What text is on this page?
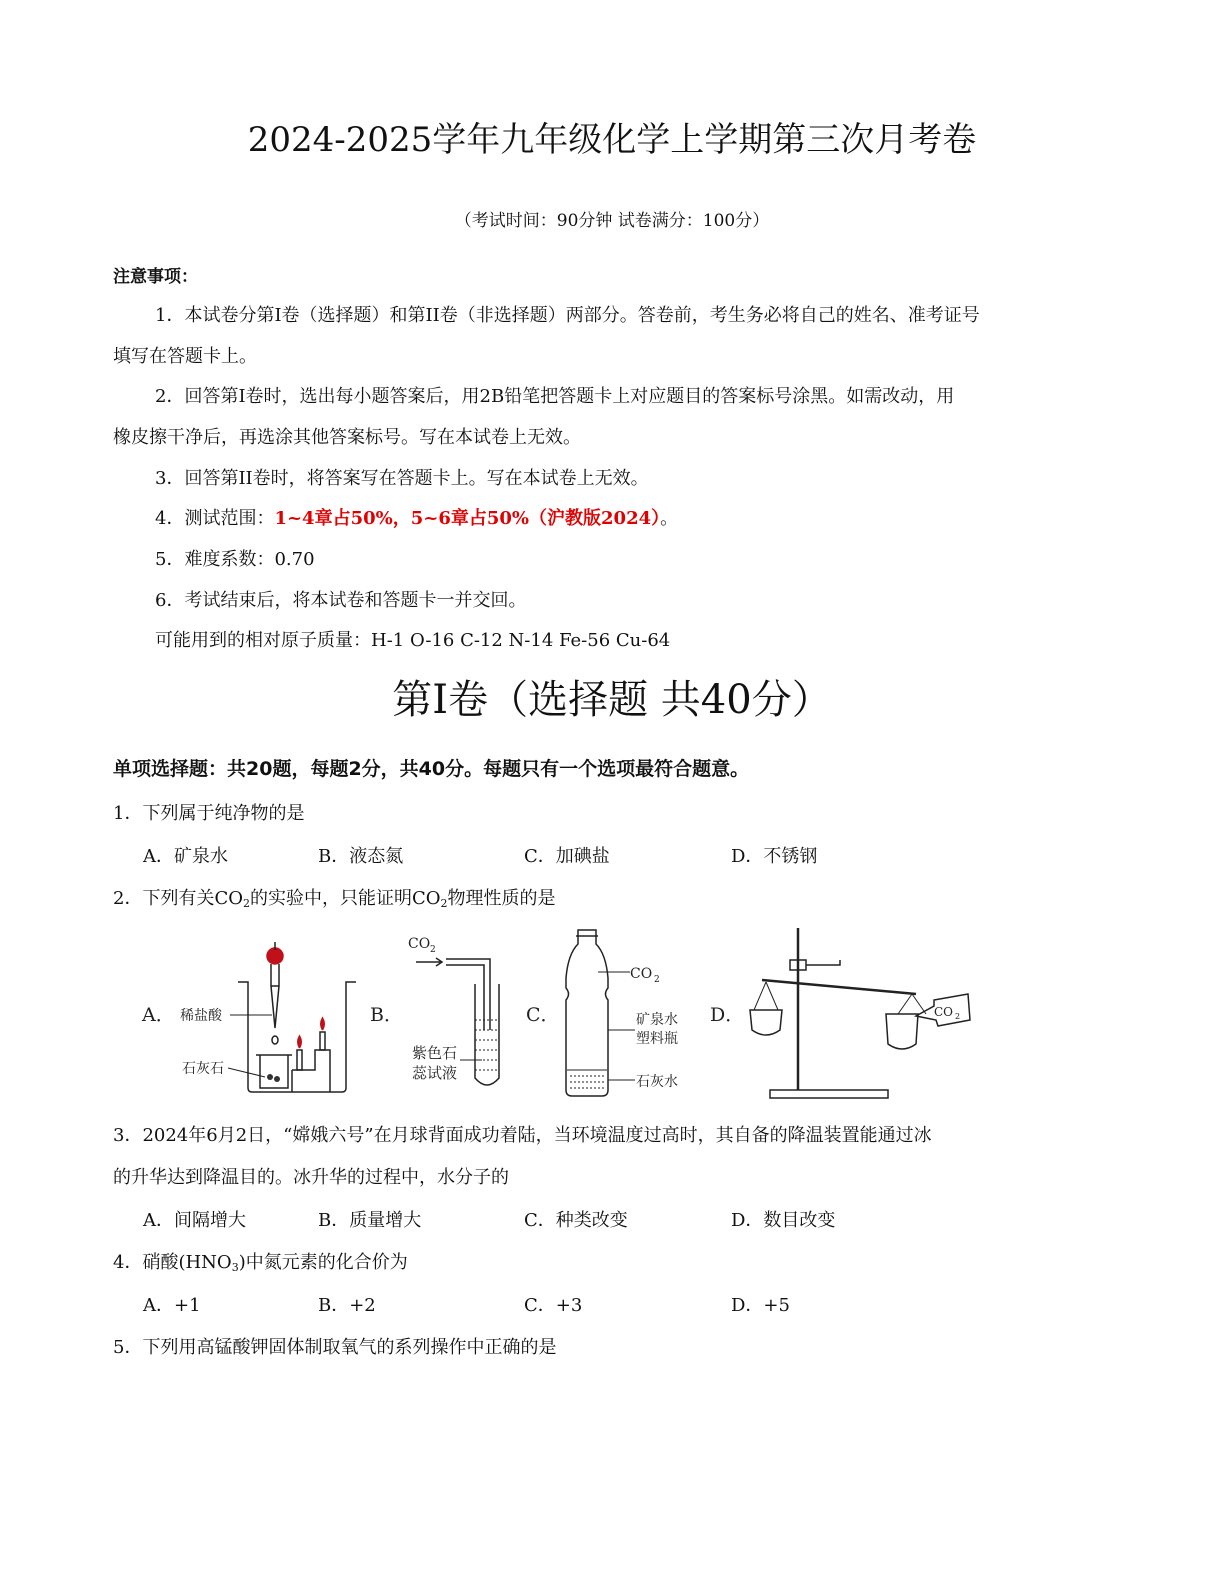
2024-2025学年九年级化学上学期第三次月考卷
（考试时间：90分钟 试卷满分：100分）
注意事项：
1．本试卷分第I卷（选择题）和第II卷（非选择题）两部分。答卷前，考生务必将自己的姓名、准考证号
填写在答题卡上。
2．回答第I卷时，选出每小题答案后，用2B铅笔把答题卡上对应题目的答案标号涂黑。如需改动，用
橡皮擦干净后，再选涂其他答案标号。写在本试卷上无效。
3．回答第II卷时，将答案写在答题卡上。写在本试卷上无效。
4．测试范围：1~4章占50%，5~6章占50%（沪教版2024）。
5．难度系数：0.70
6．考试结束后，将本试卷和答题卡一并交回。
可能用到的相对原子质量：H-1 O-16 C-12 N-14 Fe-56 Cu-64
第I卷（选择题 共40分）
单项选择题：共20题，每题2分，共40分。每题只有一个选项最符合题意。
1．下列属于纯净物的是
A．矿泉水	B．液态氮	C．加碘盐	D．不锈钢
2．下列有关$CO_2$的实验中，只能证明$CO_2$物理性质的是
A． 稀盐酸
石灰石
B．
CO 2
紫色石
蕊试液
C．
CO 2
矿泉水
塑料瓶
石灰水
D．	CO 2
3．2024年6月2日，“嫦娥六号”在月球背面成功着陆，当环境温度过高时，其自备的降温装置能通过冰
的升华达到降温目的。冰升华的过程中，水分子的
A．间隔增大	B．质量增大	C．种类改变	D．数目改变
4．硝酸$(HNO_3)$中氮元素的化合价为
A．+1	B．+2	C．+3	D．+5
5．下列用高锰酸钾固体制取氧气的系列操作中正确的是
